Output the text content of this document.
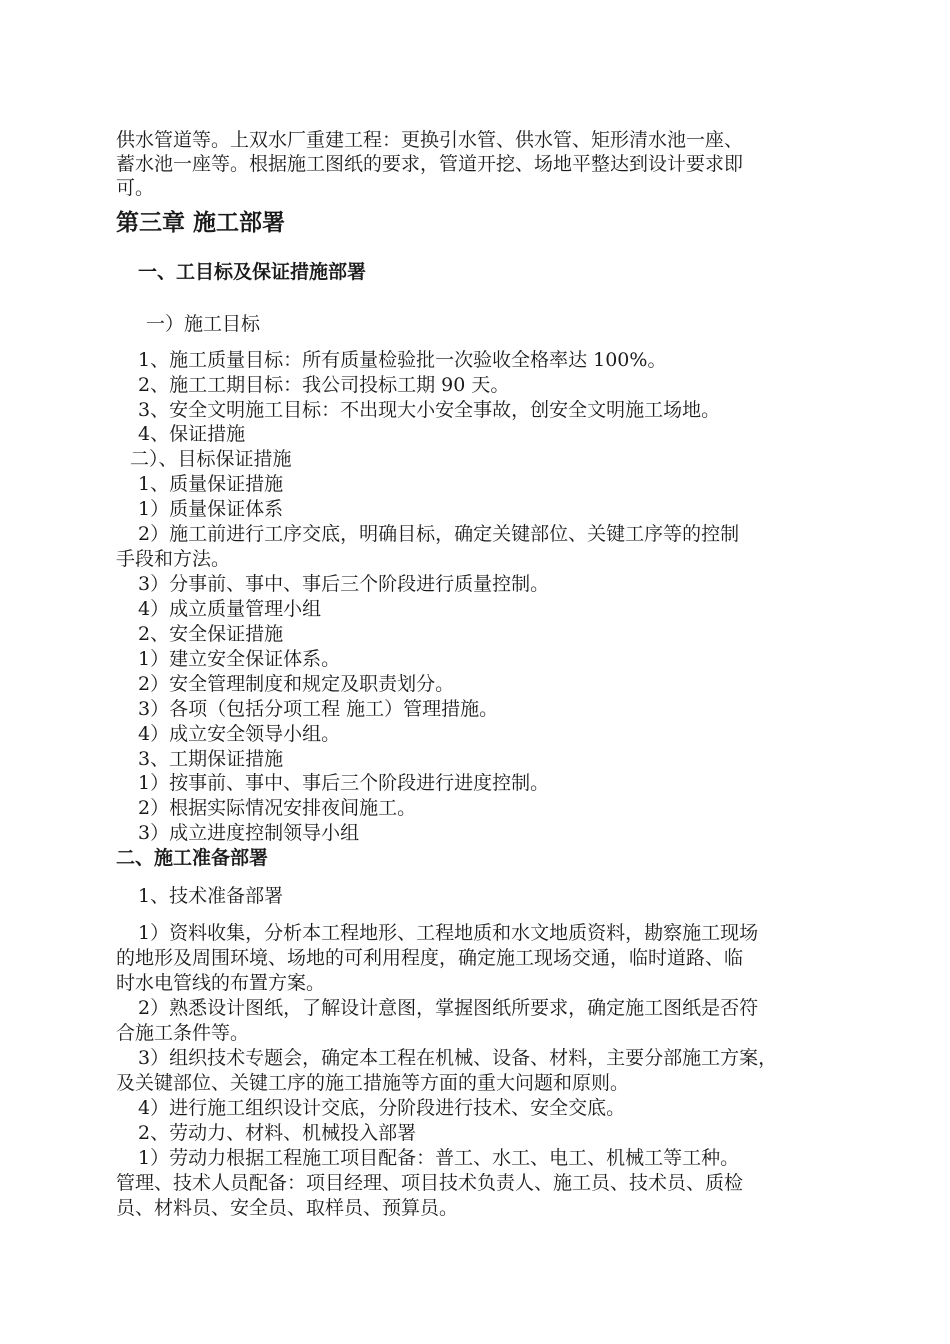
供水管道等。上双水厂重建工程：更换引水管、供水管、矩形清水池一座、
蓄水池一座等。根据施工图纸的要求，管道开挖、场地平整达到设计要求即
可。
第三章 施工部署
一、工目标及保证措施部署
一）施工目标
1、施工质量目标：所有质量检验批一次验收全格率达 100%。
2、施工工期目标：我公司投标工期 90 天。
3、安全文明施工目标：不出现大小安全事故，创安全文明施工场地。
4、保证措施
二）、目标保证措施
1、质量保证措施
1）质量保证体系
2）施工前进行工序交底，明确目标，确定关键部位、关键工序等的控制
手段和方法。
3）分事前、事中、事后三个阶段进行质量控制。
4）成立质量管理小组
2、安全保证措施
1）建立安全保证体系。
2）安全管理制度和规定及职责划分。
3）各项（包括分项工程 施工）管理措施。
4）成立安全领导小组。
3、工期保证措施
1）按事前、事中、事后三个阶段进行进度控制。
2）根据实际情况安排夜间施工。
3）成立进度控制领导小组
二、施工准备部署
1、技术准备部署
1）资料收集，分析本工程地形、工程地质和水文地质资料，勘察施工现场
的地形及周围环境、场地的可利用程度，确定施工现场交通，临时道路、临
时水电管线的布置方案。
2）熟悉设计图纸，了解设计意图，掌握图纸所要求，确定施工图纸是否符
合施工条件等。
3）组织技术专题会，确定本工程在机械、设备、材料，主要分部施工方案，
及关键部位、关键工序的施工措施等方面的重大问题和原则。
4）进行施工组织设计交底，分阶段进行技术、安全交底。
2、劳动力、材料、机械投入部署
1）劳动力根据工程施工项目配备：普工、水工、电工、机械工等工种。
管理、技术人员配备：项目经理、项目技术负责人、施工员、技术员、质检
员、材料员、安全员、取样员、预算员。
